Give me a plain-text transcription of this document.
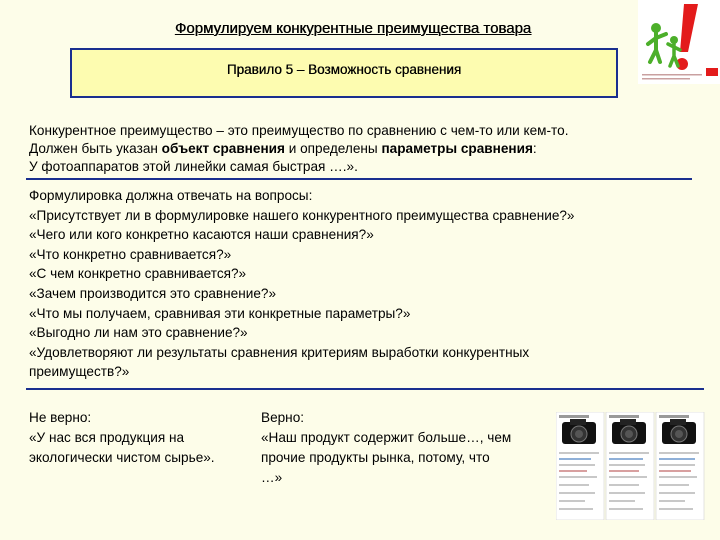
Формулируем конкурентные преимущества товара
Правило 5 – Возможность сравнения

Конкурентное преимущество – это преимущество по сравнению с чем-то или кем-то.

Должен быть указан объект сравнения и определены параметры сравнения:

У фотоаппаратов этой линейки самая быстрая ….».

Формулировка должна отвечать на вопросы:

«Присутствует ли в формулировке нашего конкурентного преимущества сравнение?»

«Чего или кого конкретно касаются наши сравнения?»

«Что конкретно сравнивается?»

«С чем конкретно сравнивается?»

«Зачем производится это сравнение?»

«Что мы получаем, сравнивая эти конкретные параметры?»

«Выгодно ли нам это сравнение?»

«Удовлетворяют ли результаты сравнения критериям выработки конкурентных

преимуществ?»

Не верно:
«У нас вся продукция на
экологически чистом сырье».
Верно:
«Наш продукт содержит больше…, чем
прочие продукты рынка, потому, что
…»
